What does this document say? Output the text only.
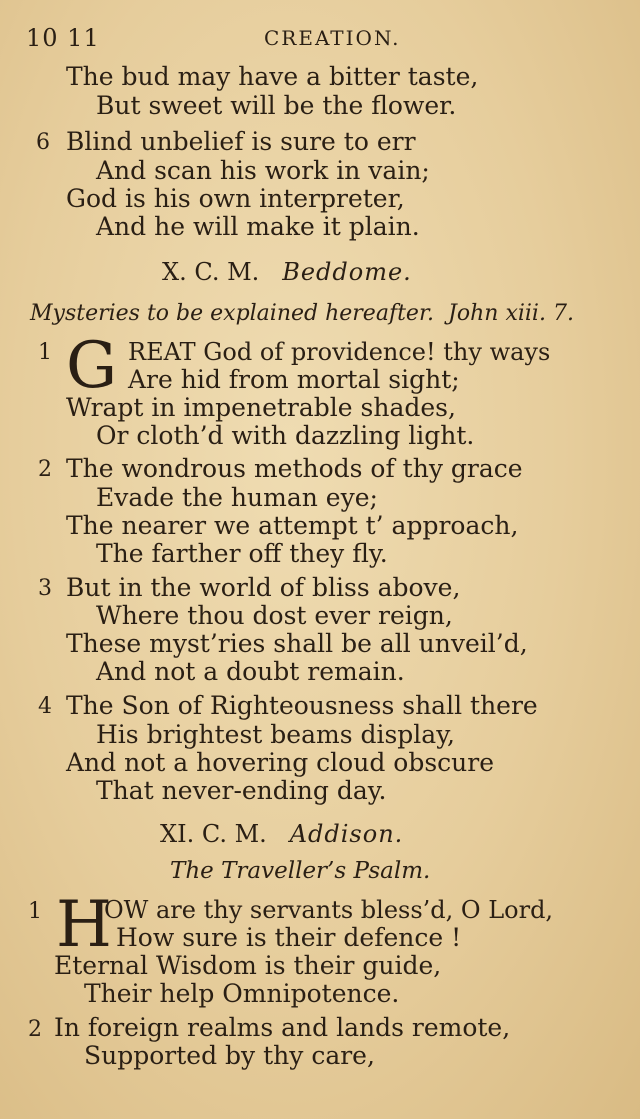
10 11	CREATION.
The bud may have a bitter taste,
But sweet will be the flower.
6 Blind unbelief is sure to err
And scan his work in vain;
God is his own interpreter,
And he will make it plain.
X. C. M. Beddome.
Mysteries to be explained hereafter. John xiii. 7.
1 G REAT God of providence! thy ways
Are hid from mortal sight;
Wrapt in impenetrable shades,
Or cloth’d with dazzling light.
2 The wondrous methods of thy grace
Evade the human eye;
The nearer we attempt t’ approach,
The farther off they fly.
3 But in the world of bliss above,
Where thou dost ever reign,
These myst’ries shall be all unveil’d,
And not a doubt remain.
4 The Son of Righteousness shall there
His brightest beams display,
And not a hovering cloud obscure
That never-ending day.
XI. C. M. Addison.
The Traveller’s Psalm.
1 H
OW are thy servants bless’d, O Lord,
How sure is their defence !
Eternal Wisdom is their guide,
Their help Omnipotence.
2 In foreign realms and lands remote,
Supported by thy care,
